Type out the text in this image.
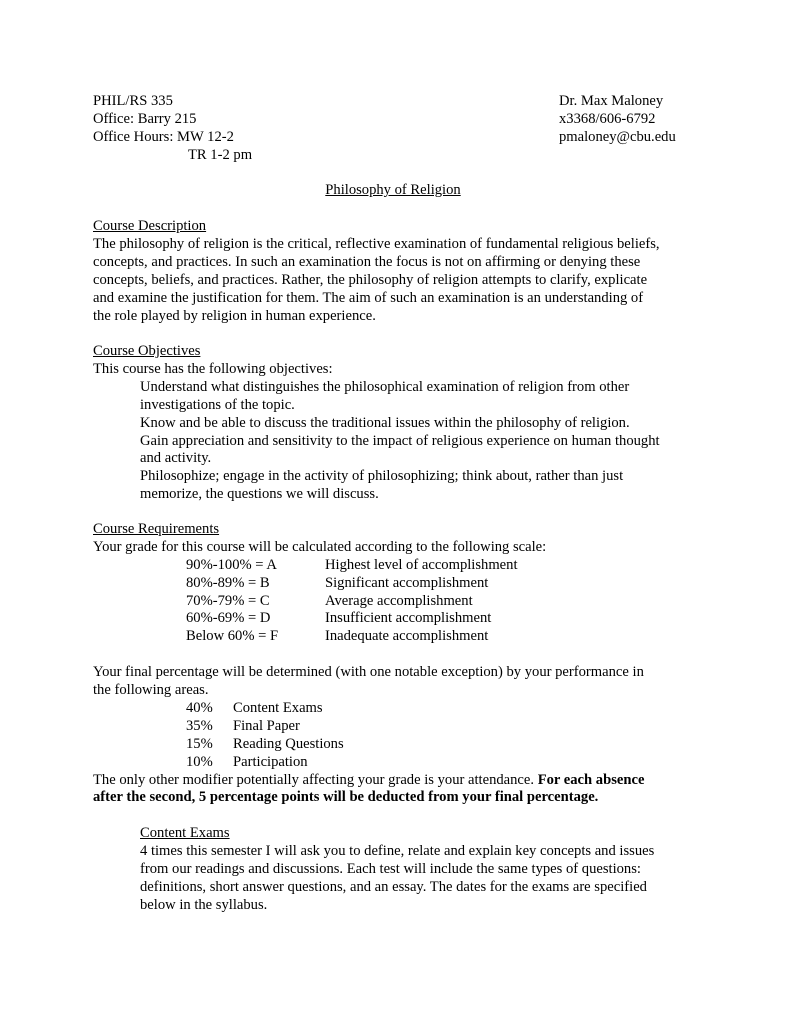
PHIL/RS 335
Office: Barry 215
Office Hours: MW 12-2
TR 1-2 pm
Dr. Max Maloney
x3368/606-6792
pmaloney@cbu.edu
Philosophy of Religion
Course Description
The philosophy of religion is the critical, reflective examination of fundamental religious beliefs,
concepts, and practices. In such an examination the focus is not on affirming or denying these
concepts, beliefs, and practices. Rather, the philosophy of religion attempts to clarify, explicate
and examine the justification for them. The aim of such an examination is an understanding of
the role played by religion in human experience.
Course Objectives
This course has the following objectives:
Understand what distinguishes the philosophical examination of religion from other
investigations of the topic.
Know and be able to discuss the traditional issues within the philosophy of religion.
Gain appreciation and sensitivity to the impact of religious experience on human thought
and activity.
Philosophize; engage in the activity of philosophizing; think about, rather than just
memorize, the questions we will discuss.
Course Requirements
Your grade for this course will be calculated according to the following scale:
90%-100% = A	Highest level of accomplishment
80%-89% = B	Significant accomplishment
70%-79% = C	Average accomplishment
60%-69% = D	Insufficient accomplishment
Below 60% = F	Inadequate accomplishment
Your final percentage will be determined (with one notable exception) by your performance in
the following areas.
40% Content Exams
35% Final Paper
15% Reading Questions
10% Participation
The only other modifier potentially affecting your grade is your attendance. For each absence
after the second, 5 percentage points will be deducted from your final percentage.
Content Exams
4 times this semester I will ask you to define, relate and explain key concepts and issues
from our readings and discussions. Each test will include the same types of questions:
definitions, short answer questions, and an essay. The dates for the exams are specified
below in the syllabus.
